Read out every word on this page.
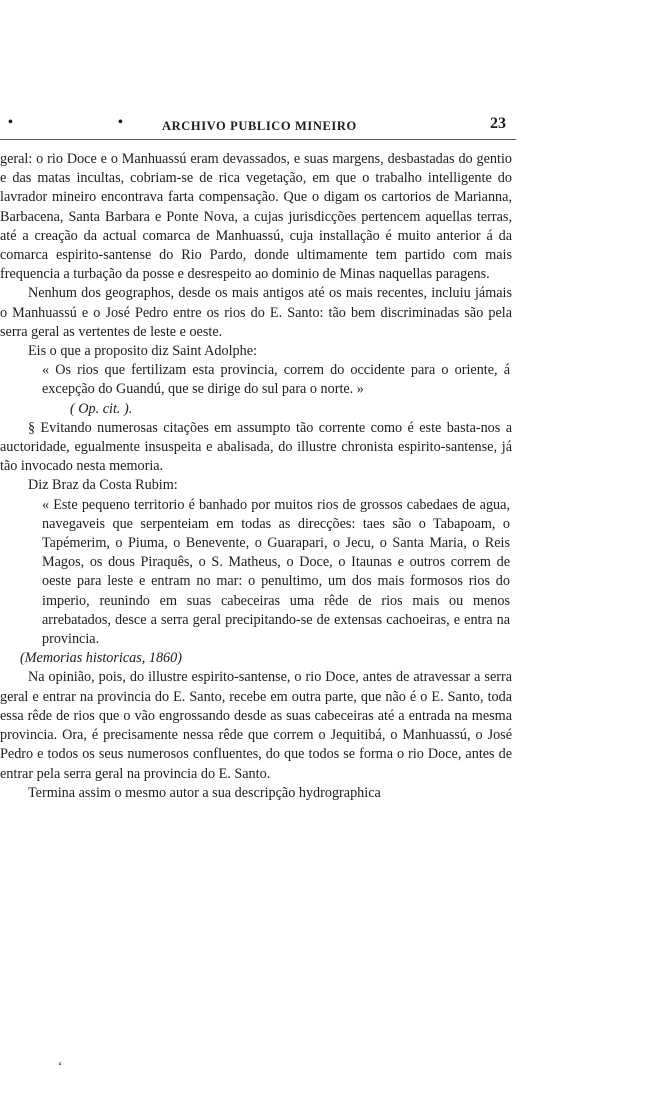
•	•	ARCHIVO PUBLICO MINEIRO	23

geral: o rio Doce e o Manhuassú eram devassados, e suas margens, desbastadas do gentio e das matas incultas, cobriam-se de rica vegetação, em que o trabalho intelligente do lavrador mineiro encontrava farta compensação. Que o digam os cartorios de Marianna, Barbacena, Santa Barbara e Ponte Nova, a cujas jurisdicções pertencem aquellas terras, até a creação da actual comarca de Manhuassú, cuja installação é muito anterior á da comarca espirito-santense do Rio Pardo, donde ultimamente tem partido com mais frequencia a turbação da posse e desrespeito ao dominio de Minas naquellas paragens.

Nenhum dos geographos, desde os mais antigos até os mais recentes, incluiu jámais o Manhuassú e o José Pedro entre os rios do E. Santo: tão bem discriminadas são pela serra geral as vertentes de leste e oeste.

Eis o que a proposito diz Saint Adolphe:

« Os rios que fertilizam esta provincia, correm do occidente para o oriente, á excepção do Guandú, que se dirige do sul para o norte. »

( Op. cit. ).

§ Evitando numerosas citações em assumpto tão corrente como é este basta-nos a auctoridade, egualmente insuspeita e abalisada, do illustre chronista espirito-santense, já tão invocado nesta memoria.

Diz Braz da Costa Rubim:

« Este pequeno territorio é banhado por muitos rios de grossos cabedaes de agua, navegaveis que serpenteiam em todas as direcções: taes são o Tabapoam, o Tapémerim, o Piuma, o Benevente, o Guarapari, o Jecu, o Santa Maria, o Reis Magos, os dous Piraquês, o S. Matheus, o Doce, o Itaunas e outros correm de oeste para leste e entram no mar: o penultimo, um dos mais formosos rios do imperio, reunindo em suas cabeceiras uma rêde de rios mais ou menos arrebatados, desce a serra geral precipitando-se de extensas cachoeiras, e entra na provincia.

(Memorias historicas, 1860)

Na opinião, pois, do illustre espirito-santense, o rio Doce, antes de atravessar a serra geral e entrar na provincia do E. Santo, recebe em outra parte, que não é o E. Santo, toda essa rêde de rios que o vão engrossando desde as suas cabeceiras até a entrada na mesma provincia. Ora, é precisamente nessa rêde que correm o Jequitibá, o Manhuassú, o José Pedro e todos os seus numerosos confluentes, do que todos se forma o rio Doce, antes de entrar pela serra geral na provincia do E. Santo.

Termina assim o mesmo autor a sua descripção hydrographica

‘
